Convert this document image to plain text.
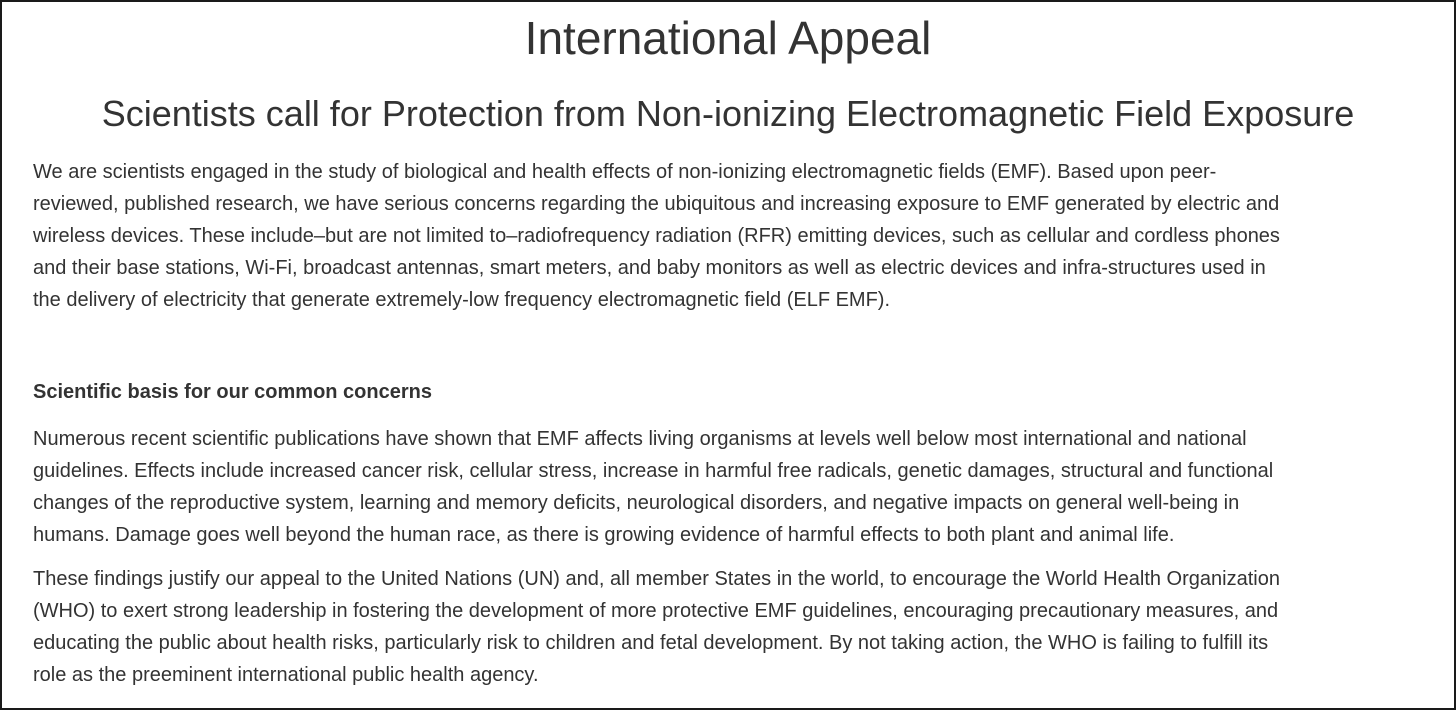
International Appeal
Scientists call for Protection from Non-ionizing Electromagnetic Field Exposure

We are scientists engaged in the study of biological and health effects of non-ionizing electromagnetic fields (EMF). Based upon peer-
reviewed, published research, we have serious concerns regarding the ubiquitous and increasing exposure to EMF generated by electric and
wireless devices. These include–but are not limited to–radiofrequency radiation (RFR) emitting devices, such as cellular and cordless phones
and their base stations, Wi-Fi, broadcast antennas, smart meters, and baby monitors as well as electric devices and infra-structures used in
the delivery of electricity that generate extremely-low frequency electromagnetic field (ELF EMF).

Scientific basis for our common concerns

Numerous recent scientific publications have shown that EMF affects living organisms at levels well below most international and national
guidelines. Effects include increased cancer risk, cellular stress, increase in harmful free radicals, genetic damages, structural and functional
changes of the reproductive system, learning and memory deficits, neurological disorders, and negative impacts on general well-being in
humans. Damage goes well beyond the human race, as there is growing evidence of harmful effects to both plant and animal life.

These findings justify our appeal to the United Nations (UN) and, all member States in the world, to encourage the World Health Organization
(WHO) to exert strong leadership in fostering the development of more protective EMF guidelines, encouraging precautionary measures, and
educating the public about health risks, particularly risk to children and fetal development. By not taking action, the WHO is failing to fulfill its
role as the preeminent international public health agency.
